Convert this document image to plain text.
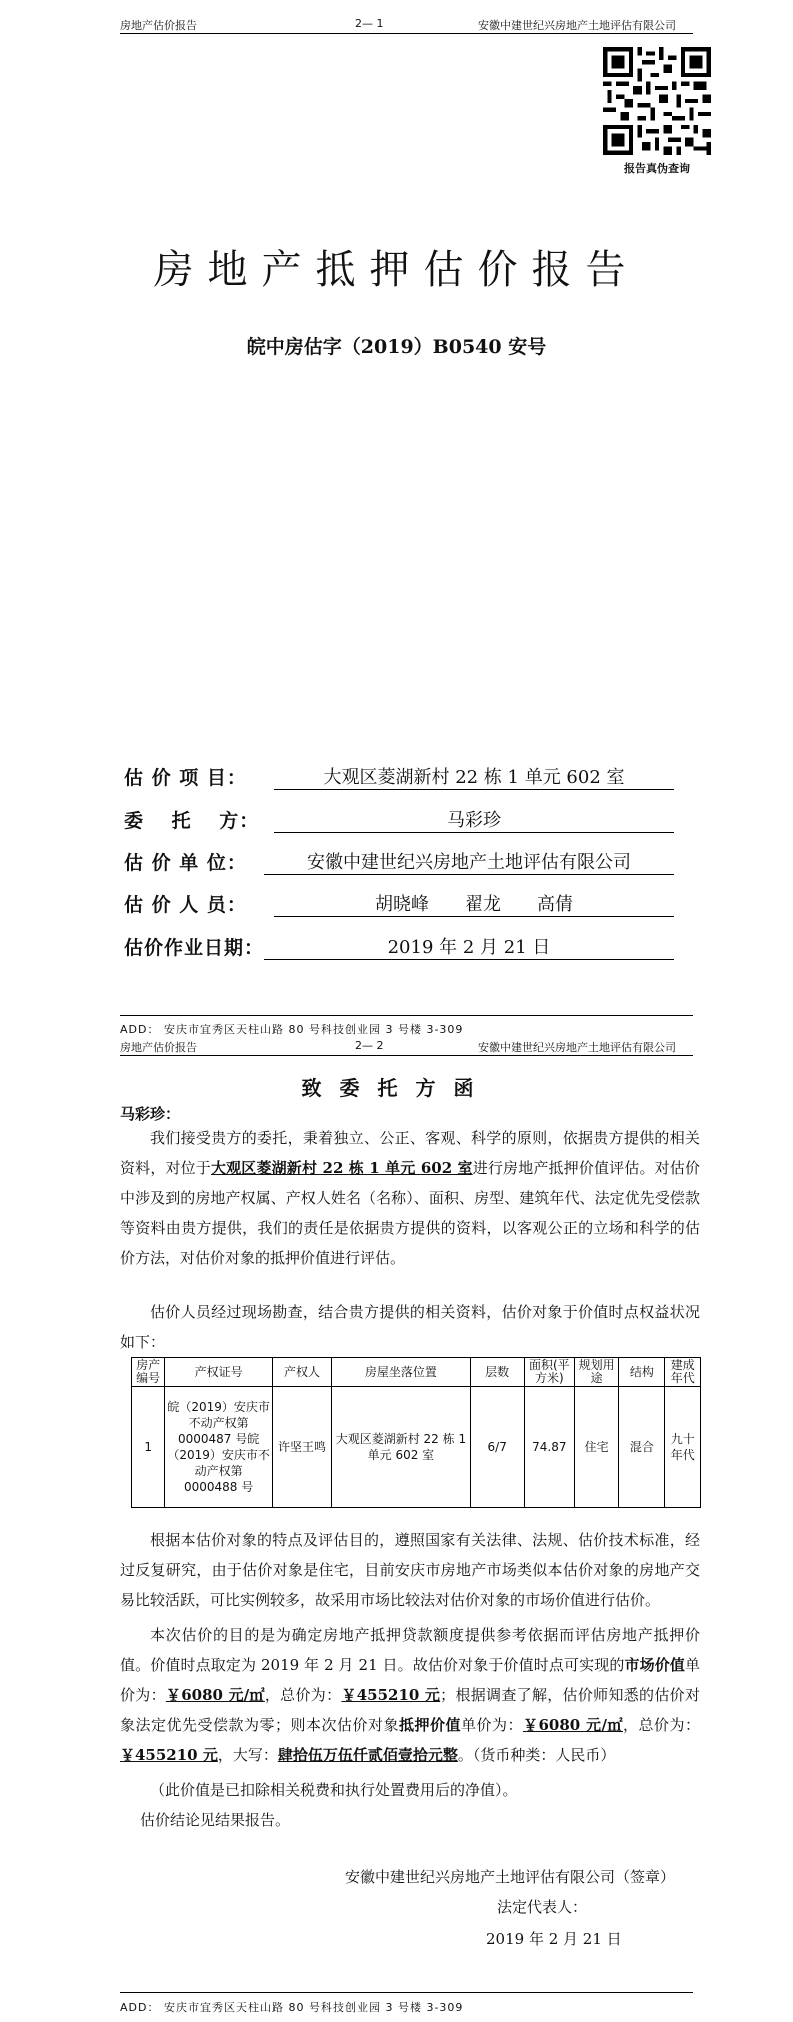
房地产估价报告	2— 1	安徽中建世纪兴房地产土地评估有限公司
报告真伪查询
房地产抵押估价报告
皖中房估字（2019）B0540 安号
估 价 项 目：	大观区菱湖新村 22 栋 1 单元 602 室
委　 托　 方：	马彩珍
估 价 单 位：	安徽中建世纪兴房地产土地评估有限公司
估 价 人 员：	胡晓峰　　翟龙　　高倩
估价作业日期：	2019 年 2 月 21 日
ADD： 安庆市宜秀区天柱山路 80 号科技创业园 3 号楼 3-309
房地产估价报告	2— 2	安徽中建世纪兴房地产土地评估有限公司
致委托方函
马彩珍：
我们接受贵方的委托，秉着独立、公正、客观、科学的原则，依据贵方提供的相关资料，对位于大观区菱湖新村 22 栋 1 单元 602 室进行房地产抵押价值评估。对估价中涉及到的房地产权属、产权人姓名（名称）、面积、房型、建筑年代、法定优先受偿款等资料由贵方提供，我们的责任是依据贵方提供的资料，以客观公正的立场和科学的估价方法，对估价对象的抵押价值进行评估。
估价人员经过现场勘查，结合贵方提供的相关资料，估价对象于价值时点权益状况如下：
房产编号	产权证号	产权人	房屋坐落位置	层数	面积(平方米)	规划用途	结构	建成年代
1	皖（2019）安庆市不动产权第 0000487 号皖（2019）安庆市不动产权第 0000488 号	许坚王鸣	大观区菱湖新村 22 栋 1 单元 602 室	6/7	74.87	住宅	混合	九十年代
根据本估价对象的特点及评估目的，遵照国家有关法律、法规、估价技术标准，经过反复研究，由于估价对象是住宅，目前安庆市房地产市场类似本估价对象的房地产交易比较活跃，可比实例较多，故采用市场比较法对估价对象的市场价值进行估价。
本次估价的目的是为确定房地产抵押贷款额度提供参考依据而评估房地产抵押价值。价值时点取定为 2019 年 2 月 21 日。故估价对象于价值时点可实现的市场价值单价为：￥6080 元/㎡，总价为：￥455210 元；根据调查了解，估价师知悉的估价对象法定优先受偿款为零；则本次估价对象抵押价值单价为：￥6080 元/㎡，总价为：￥455210 元，大写：肆拾伍万伍仟贰佰壹拾元整。（货币种类：人民币）
（此价值是已扣除相关税费和执行处置费用后的净值）。
估价结论见结果报告。
安徽中建世纪兴房地产土地评估有限公司（签章）
法定代表人：
2019 年 2 月 21 日
ADD： 安庆市宜秀区天柱山路 80 号科技创业园 3 号楼 3-309
